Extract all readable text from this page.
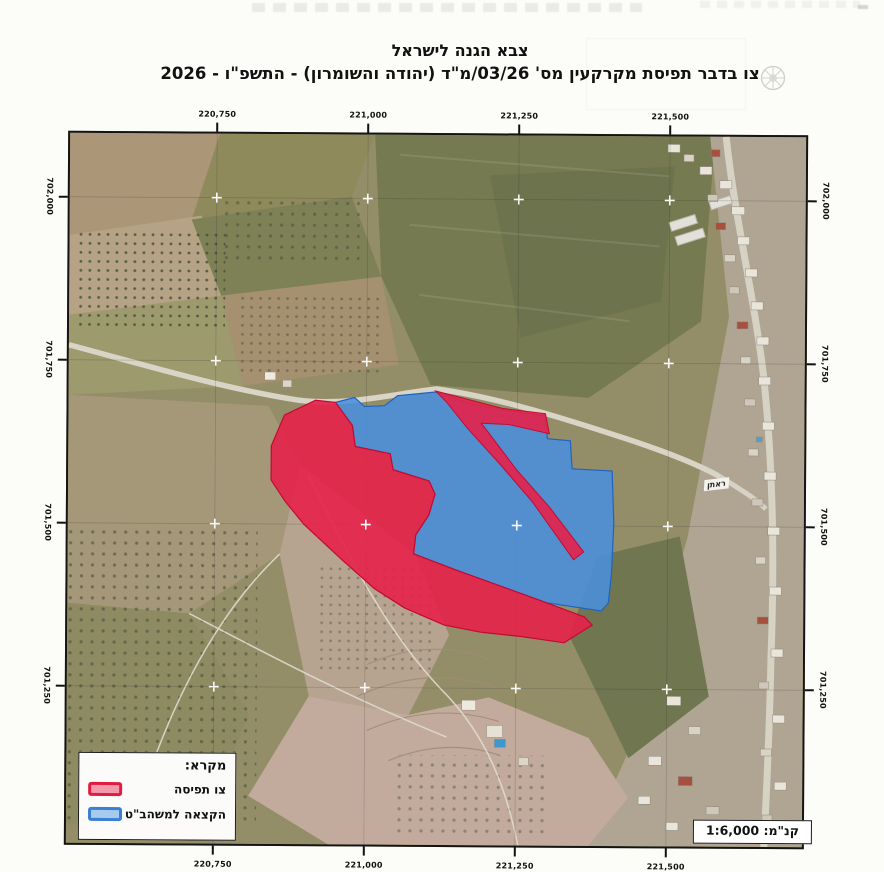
צבא הגנה לישראל
צו בדבר תפיסת מקרקעין מס' 03/26/מ"ד (יהודה והשומרון) - התשפ"ו - 2026
220,750	221,000	221,250	221,500
220,750	221,000	221,250	221,500
702,000
701,750
701,500
701,250
702,000
701,750
701,500
701,250
ראתן
מקרא:
צו תפיסה
הקצאה למשהב"ט
קנ"מ: 1:6,000
